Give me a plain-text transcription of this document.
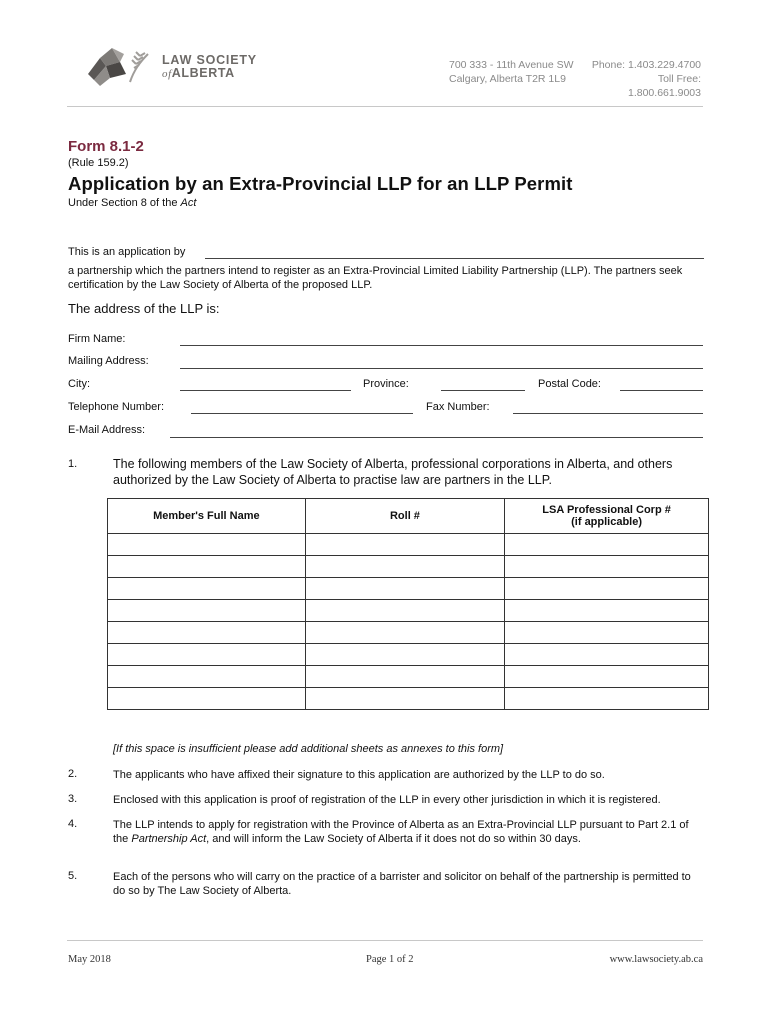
LAW SOCIETY
ofALBERTA
700 333 - 11th Avenue SW
Calgary, Alberta T2R 1L9
Phone: 1.403.229.4700
Toll Free: 1.800.661.9003
Form 8.1-2
(Rule 159.2)
Application by an Extra-Provincial LLP for an LLP Permit
Under Section 8 of the Act
This is an application by
a partnership which the partners intend to register as an Extra-Provincial Limited Liability Partnership (LLP). The partners seek certification by the Law Society of Alberta of the proposed LLP.
The address of the LLP is:
Firm Name:
Mailing Address:
City:	Province:	Postal Code:
Telephone Number:	Fax Number:
E-Mail Address:
1.	The following members of the Law Society of Alberta, professional corporations in Alberta, and others authorized by the Law Society of Alberta to practise law are partners in the LLP.
Member's Full Name	Roll #	LSA Professional Corp #
(if applicable)

[If this space is insufficient please add additional sheets as annexes to this form]
2.	The applicants who have affixed their signature to this application are authorized by the LLP to do so.
3.	Enclosed with this application is proof of registration of the LLP in every other jurisdiction in which it is registered.
4.	The LLP intends to apply for registration with the Province of Alberta as an Extra-Provincial LLP pursuant to Part 2.1 of the Partnership Act, and will inform the Law Society of Alberta if it does not do so within 30 days.
5.	Each of the persons who will carry on the practice of a barrister and solicitor on behalf of the partnership is permitted to do so by The Law Society of Alberta.
May 2018	Page 1 of 2	www.lawsociety.ab.ca
